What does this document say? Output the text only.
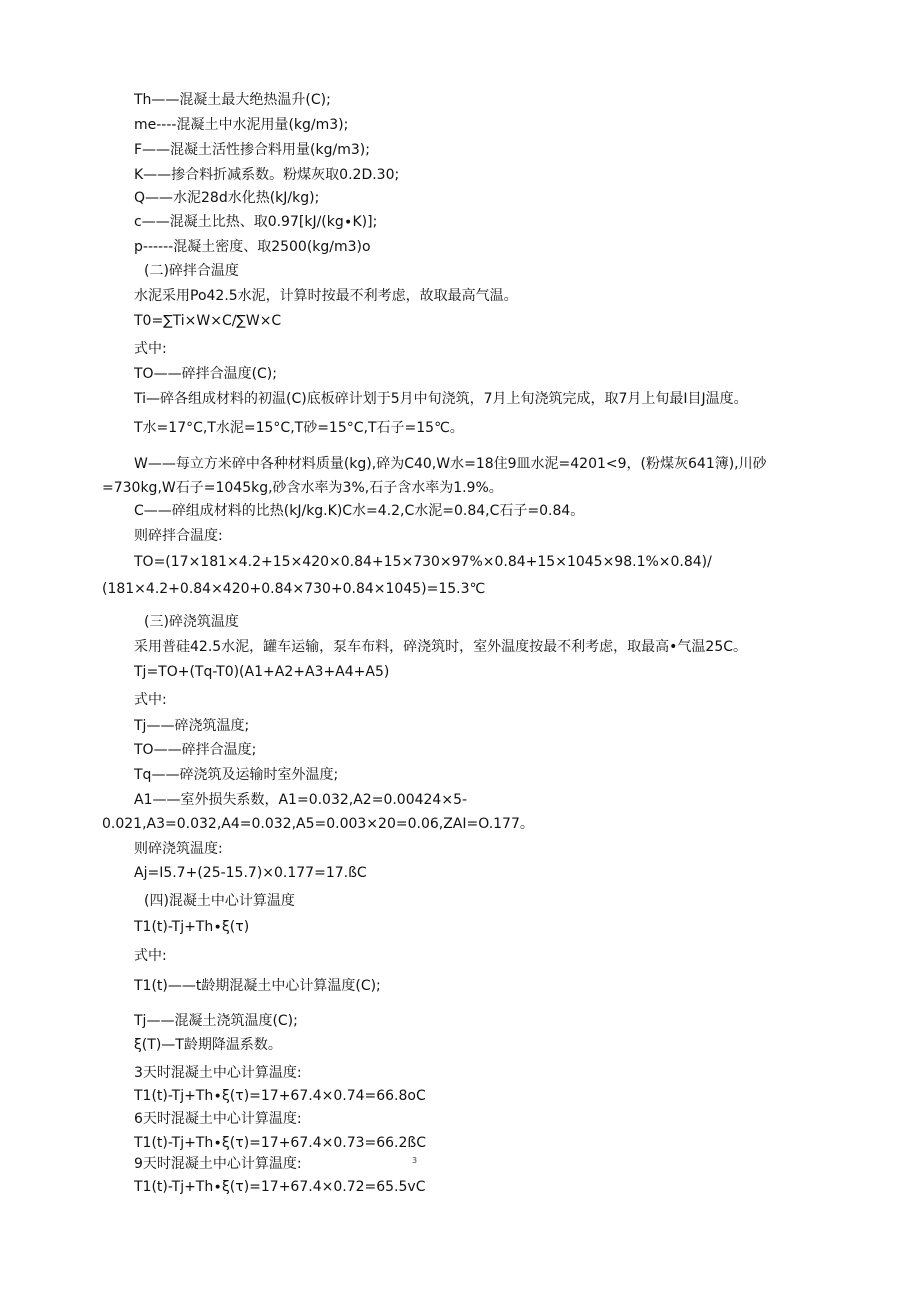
Th——混凝土最大绝热温升(C);
me----混凝土中水泥用量(kg∕m3);
F——混凝土活性掺合料用量(kg/m3);
K——掺合料折减系数。粉煤灰取0.2D.30;
Q——水泥28d水化热(kJ/kg);
c——混凝土比热、取0.97[kJ∕(kg∙K)];
p------混凝土密度、取2500(kg∕m3)o
(二)碎拌合温度
水泥采用Po42.5水泥，计算时按最不利考虑，故取最高气温。
T0=∑Ti×W×C∕∑W×C
式中:
TO——碎拌合温度(C);
Ti—碎各组成材料的初温(C)底板碎计划于5月中旬浇筑，7月上旬浇筑完成，取7月上旬最I目J温度。
T水=17°C,T水泥=15°C,T砂=15°C,T石子=15℃。
W——每立方米碎中各种材料质量(kg),碎为C40,W水=18住9皿水泥=4201<9，(粉煤灰641簿),川砂
=730kg,W石子=1045kg,砂含水率为3%,石子含水率为1.9%。
C——碎组成材料的比热(kJ/kg.K)C水=4.2,C水泥=0.84,C石子=0.84。
则碎拌合温度:
TO=(17×181×4.2+15×420×0.84+15×730×97%×0.84+15×1045×98.1%×0.84)/
(181×4.2+0.84×420+0.84×730+0.84×1045)=15.3℃
(三)碎浇筑温度
采用普硅42.5水泥，罐车运输，泵车布料，碎浇筑时，室外温度按最不利考虑，取最高•气温25C。
Tj=TO+(Tq-T0)(A1+A2+A3+A4+A5)
式中:
Tj——碎浇筑温度;
TO——碎拌合温度;
Tq——碎浇筑及运输时室外温度;
A1——室外损失系数，A1=0.032,A2=0.00424×5-
0.021,A3=0.032,A4=0.032,A5=0.003×20=0.06,ZAI=O.177。
则碎浇筑温度:
Aj=I5.7+(25-15.7)×0.177=17.ßC
(四)混凝土中心计算温度
T1(t)-Tj+Th∙ξ(τ)
式中:
T1(t)——t龄期混凝土中心计算温度(C);
Tj——混凝土浇筑温度(C);
ξ(T)—T龄期降温系数。
3天时混凝土中心计算温度:
T1(t)-Tj+Th∙ξ(τ)=17+67.4×0.74=66.8oC
6天时混凝土中心计算温度:
T1(t)-Tj+Th∙ξ(τ)=17+67.4×0.73=66.2ßC
9天时混凝土中心计算温度:
T1(t)-Tj+Th∙ξ(τ)=17+67.4×0.72=65.5vC
3
